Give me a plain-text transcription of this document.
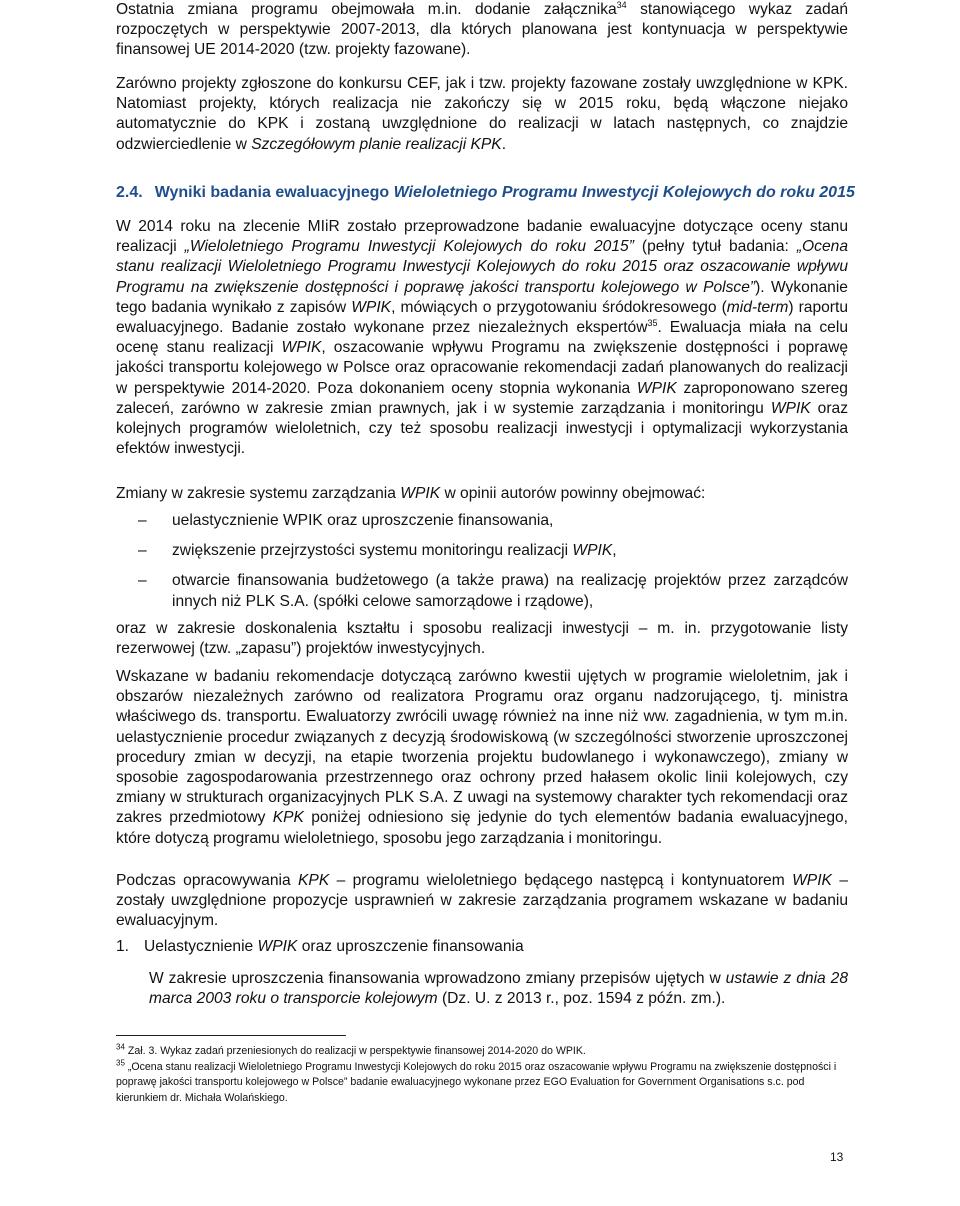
Ostatnia zmiana programu obejmowała m.in. dodanie załącznika$^{34}$ stanowiącego wykaz zadań rozpoczętych w perspektywie 2007-2013, dla których planowana jest kontynuacja w perspektywie finansowej UE 2014-2020 (tzw. projekty fazowane).

Zarówno projekty zgłoszone do konkursu CEF, jak i tzw. projekty fazowane zostały uwzględnione w KPK. Natomiast projekty, których realizacja nie zakończy się w 2015 roku, będą włączone niejako automatycznie do KPK i zostaną uwzględnione do realizacji w latach następnych, co znajdzie odzwierciedlenie w Szczegółowym planie realizacji KPK.

2.4. Wyniki badania ewaluacyjnego Wieloletniego Programu Inwestycji Kolejowych do roku 2015

W 2014 roku na zlecenie MIiR zostało przeprowadzone badanie ewaluacyjne dotyczące oceny stanu realizacji „Wieloletniego Programu Inwestycji Kolejowych do roku 2015” (pełny tytuł badania: „Ocena stanu realizacji Wieloletniego Programu Inwestycji Kolejowych do roku 2015 oraz oszacowanie wpływu Programu na zwiększenie dostępności i poprawę jakości transportu kolejowego w Polsce”). Wykonanie tego badania wynikało z zapisów WPIK, mówiących o przygotowaniu śródokresowego (mid-term) raportu ewaluacyjnego. Badanie zostało wykonane przez niezależnych ekspertów$^{35}$. Ewaluacja miała na celu ocenę stanu realizacji WPIK, oszacowanie wpływu Programu na zwiększenie dostępności i poprawę jakości transportu kolejowego w Polsce oraz opracowanie rekomendacji zadań planowanych do realizacji w perspektywie 2014-2020. Poza dokonaniem oceny stopnia wykonania WPIK zaproponowano szereg zaleceń, zarówno w zakresie zmian prawnych, jak i w systemie zarządzania i monitoringu WPIK oraz kolejnych programów wieloletnich, czy też sposobu realizacji inwestycji i optymalizacji wykorzystania efektów inwestycji.

Zmiany w zakresie systemu zarządzania WPIK w opinii autorów powinny obejmować:

– uelastycznienie WPIK oraz uproszczenie finansowania,
– zwiększenie przejrzystości systemu monitoringu realizacji WPIK,
– otwarcie finansowania budżetowego (a także prawa) na realizację projektów przez zarządców innych niż PLK S.A. (spółki celowe samorządowe i rządowe),

oraz w zakresie doskonalenia kształtu i sposobu realizacji inwestycji – m. in. przygotowanie listy rezerwowej (tzw. „zapasu”) projektów inwestycyjnych.

Wskazane w badaniu rekomendacje dotyczącą zarówno kwestii ujętych w programie wieloletnim, jak i obszarów niezależnych zarówno od realizatora Programu oraz organu nadzorującego, tj. ministra właściwego ds. transportu. Ewaluatorzy zwrócili uwagę również na inne niż ww. zagadnienia, w tym m.in. uelastycznienie procedur związanych z decyzją środowiskową (w szczególności stworzenie uproszczonej procedury zmian w decyzji, na etapie tworzenia projektu budowlanego i wykonawczego), zmiany w sposobie zagospodarowania przestrzennego oraz ochrony przed hałasem okolic linii kolejowych, czy zmiany w strukturach organizacyjnych PLK S.A. Z uwagi na systemowy charakter tych rekomendacji oraz zakres przedmiotowy KPK poniżej odniesiono się jedynie do tych elementów badania ewaluacyjnego, które dotyczą programu wieloletniego, sposobu jego zarządzania i monitoringu.

Podczas opracowywania KPK – programu wieloletniego będącego następcą i kontynuatorem WPIK – zostały uwzględnione propozycje usprawnień w zakresie zarządzania programem wskazane w badaniu ewaluacyjnym.

1. Uelastycznienie WPIK oraz uproszczenie finansowania

W zakresie uproszczenia finansowania wprowadzono zmiany przepisów ujętych w ustawie z dnia 28 marca 2003 roku o transporcie kolejowym (Dz. U. z 2013 r., poz. 1594 z późn. zm.).

$^{34}$ Zał. 3. Wykaz zadań przeniesionych do realizacji w perspektywie finansowej 2014-2020 do WPIK.

$^{35}$ „Ocena stanu realizacji Wieloletniego Programu Inwestycji Kolejowych do roku 2015 oraz oszacowanie wpływu Programu na zwiększenie dostępności i poprawę jakości transportu kolejowego w Polsce” badanie ewaluacyjnego wykonane przez EGO Evaluation for Government Organisations s.c. pod kierunkiem dr. Michała Wolańskiego.

13
